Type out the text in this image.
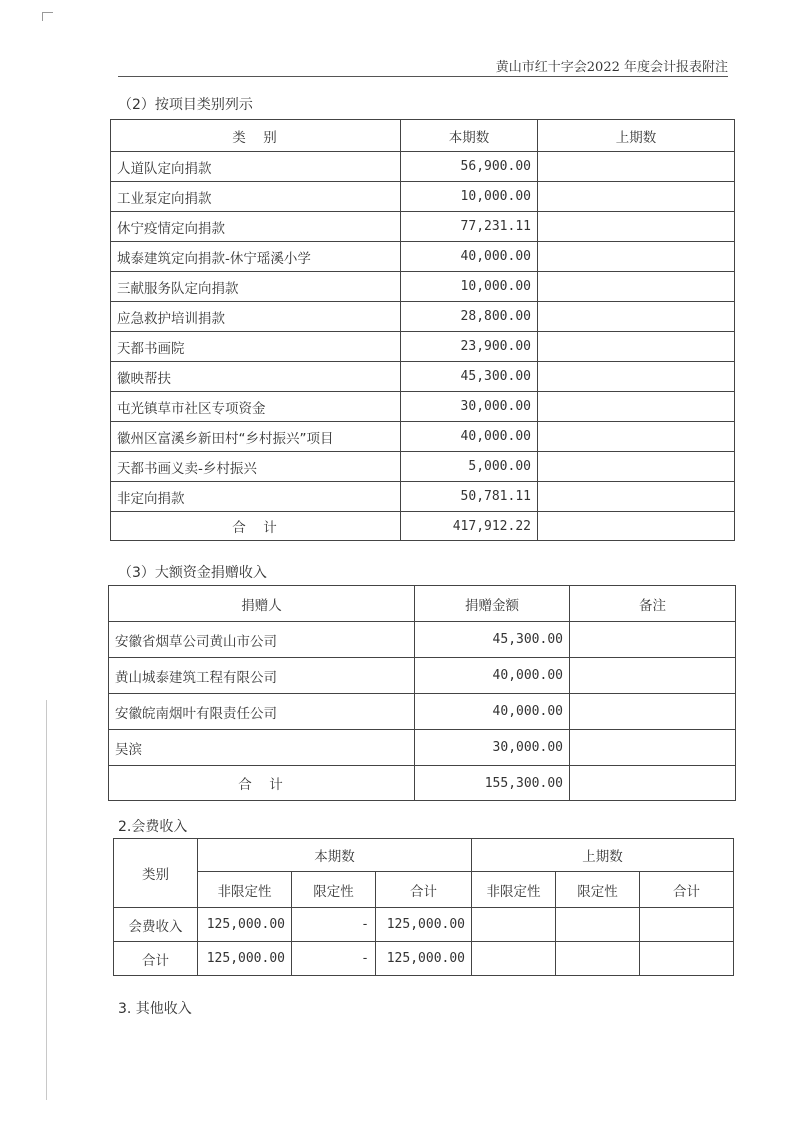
黄山市红十字会2022 年度会计报表附注
（2）按项目类别列示
类　别	本期数	上期数
人道队定向捐款	56,900.00	
工业泵定向捐款	10,000.00	
休宁疫情定向捐款	77,231.11	
城泰建筑定向捐款-休宁瑶溪小学	40,000.00	
三献服务队定向捐款	10,000.00	
应急救护培训捐款	28,800.00	
天都书画院	23,900.00	
徽映帮扶	45,300.00	
屯光镇草市社区专项资金	30,000.00	
徽州区富溪乡新田村“乡村振兴”项目	40,000.00	
天都书画义卖-乡村振兴	5,000.00	
非定向捐款	50,781.11	
合　计	417,912.22	
（3）大额资金捐赠收入
捐赠人	捐赠金额	备注
安徽省烟草公司黄山市公司	45,300.00	
黄山城泰建筑工程有限公司	40,000.00	
安徽皖南烟叶有限责任公司	40,000.00	
吴滨	30,000.00	
合　计	155,300.00	
2.会费收入
类别	本期数			上期数		
	非限定性	限定性	合计	非限定性	限定性	合计
会费收入	125,000.00	-	125,000.00			
合计	125,000.00	-	125,000.00			
3. 其他收入
